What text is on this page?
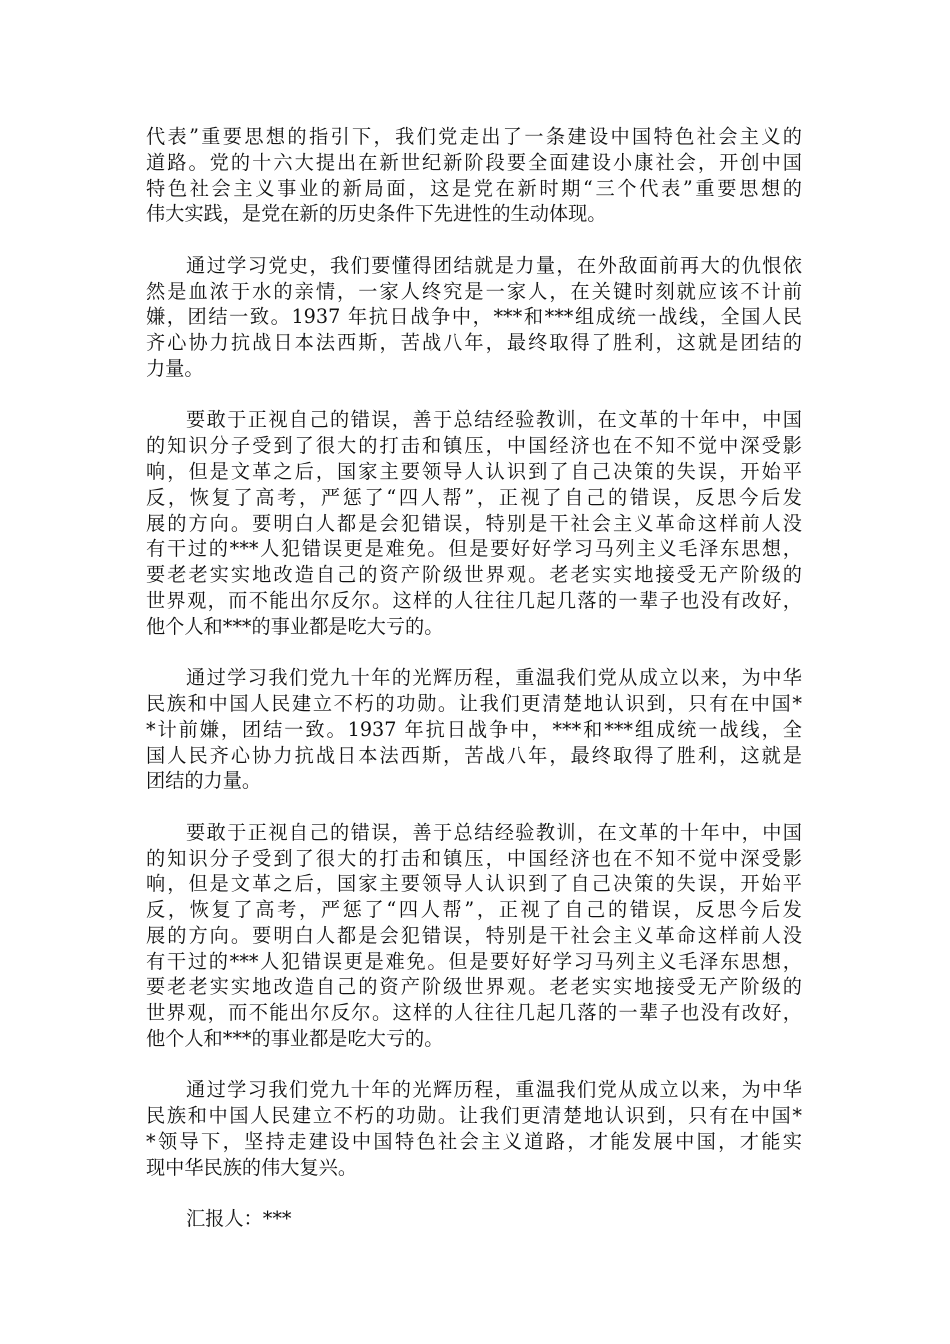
代表”重要思想的指引下，我们党走出了一条建设中国特色社会主义的
道路。党的十六大提出在新世纪新阶段要全面建设小康社会，开创中国
特色社会主义事业的新局面，这是党在新时期“三个代表”重要思想的
伟大实践，是党在新的历史条件下先进性的生动体现。

通过学习党史，我们要懂得团结就是力量，在外敌面前再大的仇恨依
然是血浓于水的亲情，一家人终究是一家人，在关键时刻就应该不计前
嫌，团结一致。1937 年抗日战争中，***和***组成统一战线，全国人民
齐心协力抗战日本法西斯，苦战八年，最终取得了胜利，这就是团结的
力量。

要敢于正视自己的错误，善于总结经验教训，在文革的十年中，中国
的知识分子受到了很大的打击和镇压，中国经济也在不知不觉中深受影
响，但是文革之后，国家主要领导人认识到了自己决策的失误，开始平
反，恢复了高考，严惩了“四人帮”，正视了自己的错误，反思今后发
展的方向。要明白人都是会犯错误，特别是干社会主义革命这样前人没
有干过的***人犯错误更是难免。但是要好好学习马列主义毛泽东思想，
要老老实实地改造自己的资产阶级世界观。老老实实地接受无产阶级的
世界观，而不能出尔反尔。这样的人往往几起几落的一辈子也没有改好，
他个人和***的事业都是吃大亏的。

通过学习我们党九十年的光辉历程，重温我们党从成立以来，为中华
民族和中国人民建立不朽的功勋。让我们更清楚地认识到，只有在中国*
*计前嫌，团结一致。1937 年抗日战争中，***和***组成统一战线，全
国人民齐心协力抗战日本法西斯，苦战八年，最终取得了胜利，这就是
团结的力量。

要敢于正视自己的错误，善于总结经验教训，在文革的十年中，中国
的知识分子受到了很大的打击和镇压，中国经济也在不知不觉中深受影
响，但是文革之后，国家主要领导人认识到了自己决策的失误，开始平
反，恢复了高考，严惩了“四人帮”，正视了自己的错误，反思今后发
展的方向。要明白人都是会犯错误，特别是干社会主义革命这样前人没
有干过的***人犯错误更是难免。但是要好好学习马列主义毛泽东思想，
要老老实实地改造自己的资产阶级世界观。老老实实地接受无产阶级的
世界观，而不能出尔反尔。这样的人往往几起几落的一辈子也没有改好，
他个人和***的事业都是吃大亏的。

通过学习我们党九十年的光辉历程，重温我们党从成立以来，为中华
民族和中国人民建立不朽的功勋。让我们更清楚地认识到，只有在中国*
*领导下，坚持走建设中国特色社会主义道路，才能发展中国，才能实
现中华民族的伟大复兴。

汇报人：***
